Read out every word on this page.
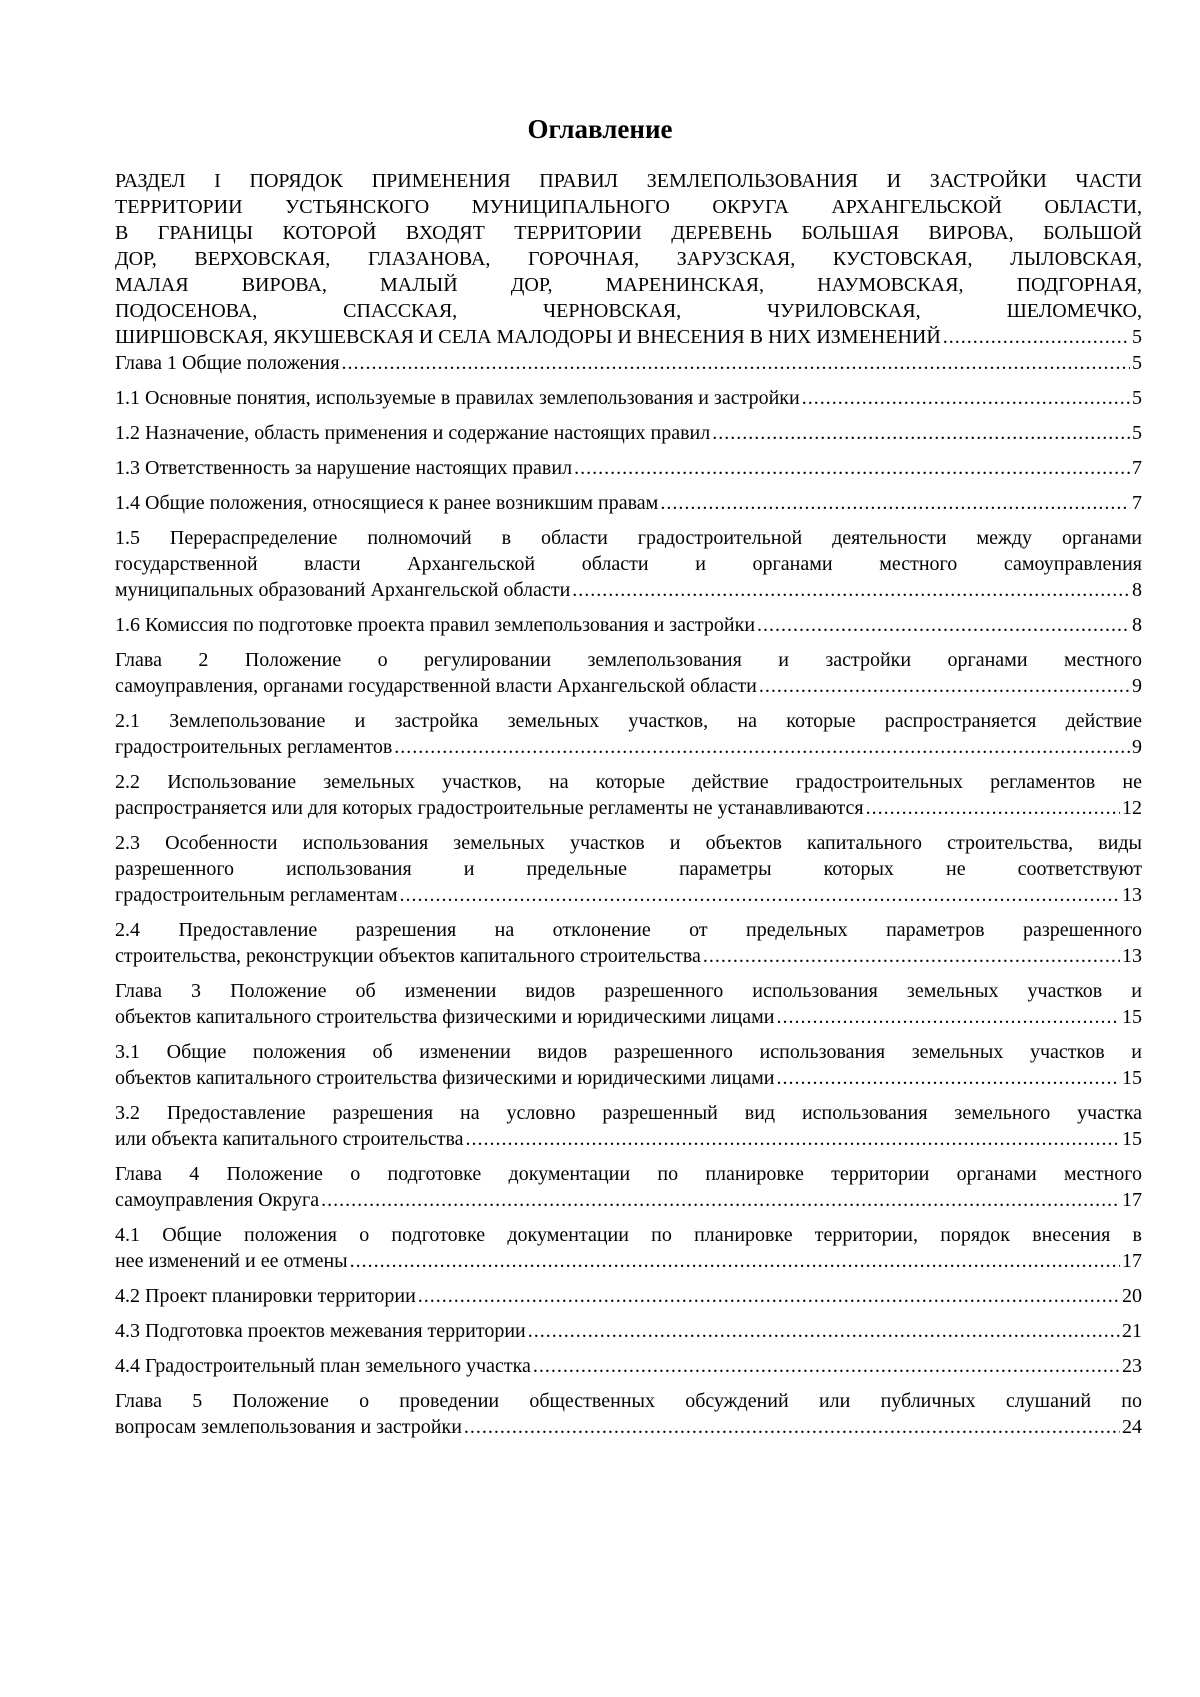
Оглавление
РАЗДЕЛ I ПОРЯДОК ПРИМЕНЕНИЯ ПРАВИЛ ЗЕМЛЕПОЛЬЗОВАНИЯ И ЗАСТРОЙКИ ЧАСТИ
ТЕРРИТОРИИ УСТЬЯНСКОГО МУНИЦИПАЛЬНОГО ОКРУГА АРХАНГЕЛЬСКОЙ ОБЛАСТИ,
В ГРАНИЦЫ КОТОРОЙ ВХОДЯТ ТЕРРИТОРИИ ДЕРЕВЕНЬ БОЛЬШАЯ ВИРОВА, БОЛЬШОЙ
ДОР, ВЕРХОВСКАЯ, ГЛАЗАНОВА, ГОРОЧНАЯ, ЗАРУЗСКАЯ, КУСТОВСКАЯ, ЛЫЛОВСКАЯ,
МАЛАЯ ВИРОВА, МАЛЫЙ ДОР, МАРЕНИНСКАЯ, НАУМОВСКАЯ, ПОДГОРНАЯ,
ПОДОСЕНОВА, СПАССКАЯ, ЧЕРНОВСКАЯ, ЧУРИЛОВСКАЯ, ШЕЛОМЕЧКО,
ШИРШОВСКАЯ, ЯКУШЕВСКАЯ И СЕЛА МАЛОДОРЫ И ВНЕСЕНИЯ В НИХ ИЗМЕНЕНИЙ .....	5
Глава 1 Общие положения .....	5
1.1 Основные понятия, используемые в правилах землепользования и застройки .....	5
1.2 Назначение, область применения и содержание настоящих правил .....	5
1.3 Ответственность за нарушение настоящих правил .....	7
1.4 Общие положения, относящиеся к ранее возникшим правам .....	7
1.5 Перераспределение полномочий в области градостроительной деятельности между органами
государственной власти Архангельской области и органами местного самоуправления
муниципальных образований Архангельской области .....	8
1.6 Комиссия по подготовке проекта правил землепользования и застройки .....	8
Глава 2 Положение о регулировании землепользования и застройки органами местного
самоуправления, органами государственной власти Архангельской области .....	9
2.1 Землепользование и застройка земельных участков, на которые распространяется действие
градостроительных регламентов .....	9
2.2 Использование земельных участков, на которые действие градостроительных регламентов не
распространяется или для которых градостроительные регламенты не устанавливаются .....	12
2.3 Особенности использования земельных участков и объектов капитального строительства, виды
разрешенного использования и предельные параметры которых не соответствуют
градостроительным регламентам .....	13
2.4 Предоставление разрешения на отклонение от предельных параметров разрешенного
строительства, реконструкции объектов капитального строительства .....	13
Глава 3 Положение об изменении видов разрешенного использования земельных участков и
объектов капитального строительства физическими и юридическими лицами .....	15
3.1 Общие положения об изменении видов разрешенного использования земельных участков и
объектов капитального строительства физическими и юридическими лицами .....	15
3.2 Предоставление разрешения на условно разрешенный вид использования земельного участка
или объекта капитального строительства .....	15
Глава 4 Положение о подготовке документации по планировке территории органами местного
самоуправления Округа .....	17
4.1 Общие положения о подготовке документации по планировке территории, порядок внесения в
нее изменений и ее отмены .....	17
4.2 Проект планировки территории .....	20
4.3 Подготовка проектов межевания территории .....	21
4.4 Градостроительный план земельного участка .....	23
Глава 5 Положение о проведении общественных обсуждений или публичных слушаний по
вопросам землепользования и застройки .....	24
